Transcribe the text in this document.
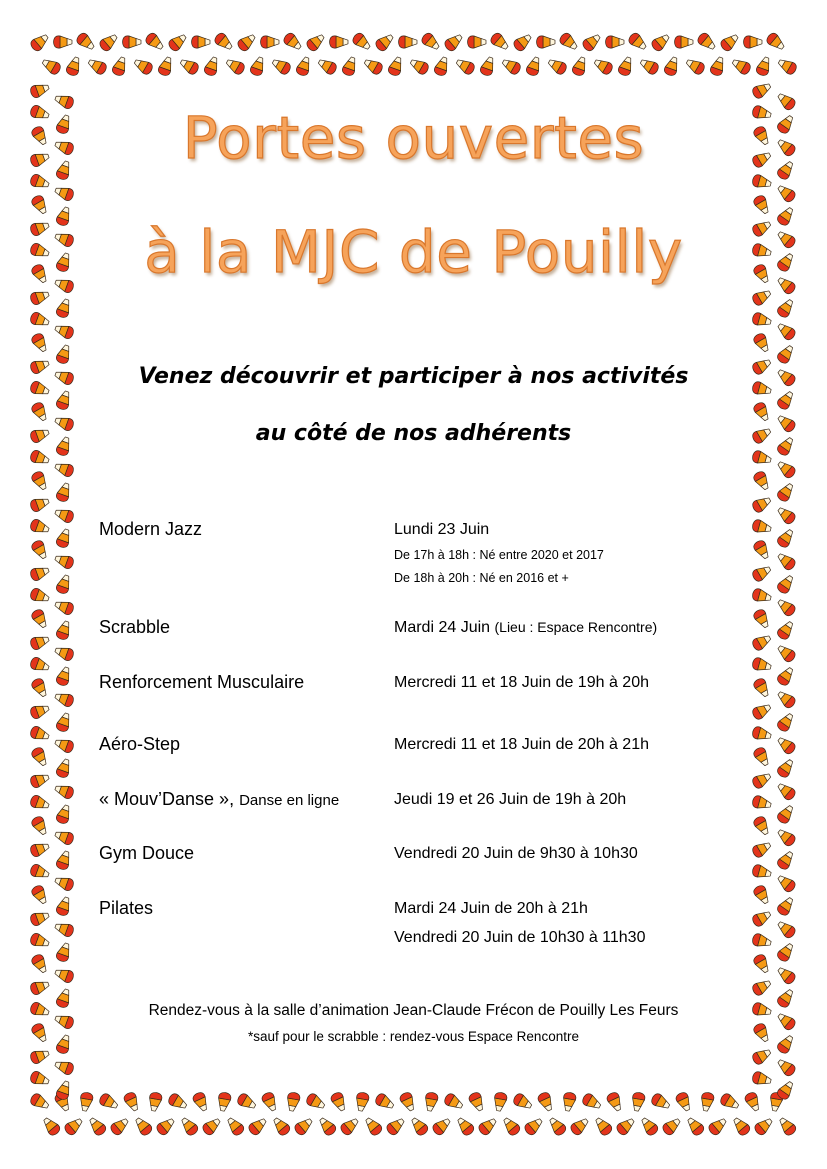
Portes ouvertes
à la MJC de Pouilly
Venez découvrir et participer à nos activités
au côté de nos adhérents
Modern Jazz	Lundi 23 Juin
De 17h à 18h : Né entre 2020 et 2017
De 18h à 20h : Né en 2016 et +
Scrabble	Mardi 24 Juin (Lieu : Espace Rencontre)
Renforcement Musculaire	Mercredi 11 et 18 Juin de 19h à 20h
Aéro-Step	Mercredi 11 et 18 Juin de 20h à 21h
« Mouv’Danse », Danse en ligne	Jeudi 19 et 26 Juin de 19h à 20h
Gym Douce	Vendredi 20 Juin de 9h30 à 10h30
Pilates	Mardi 24 Juin de 20h à 21h
Vendredi 20 Juin de 10h30 à 11h30
Rendez-vous à la salle d’animation Jean-Claude Frécon de Pouilly Les Feurs
*sauf pour le scrabble : rendez-vous Espace Rencontre
